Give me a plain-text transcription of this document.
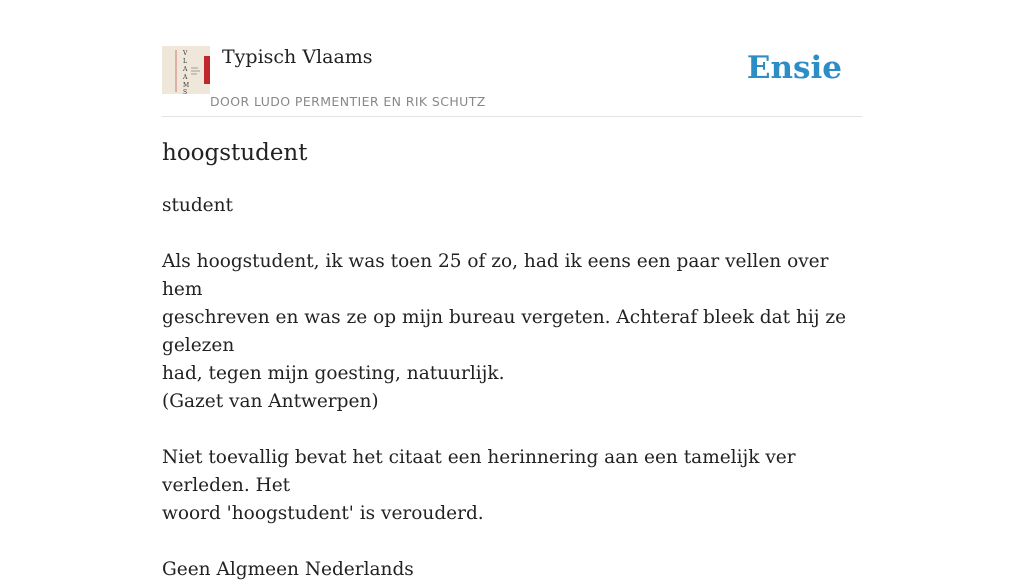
V
L
A
A
M
S
Typisch Vlaams
DOOR LUDO PERMENTIER EN RIK SCHUTZ
Ensie
hoogstudent

student

Als hoogstudent, ik was toen 25 of zo, had ik eens een paar vellen over hem

geschreven en was ze op mijn bureau vergeten. Achteraf bleek dat hij ze gelezen

had, tegen mijn goesting, natuurlijk.

(Gazet van Antwerpen)

Niet toevallig bevat het citaat een herinnering aan een tamelijk ver verleden. Het

woord 'hoogstudent' is verouderd.

Geen Algmeen Nederlands
